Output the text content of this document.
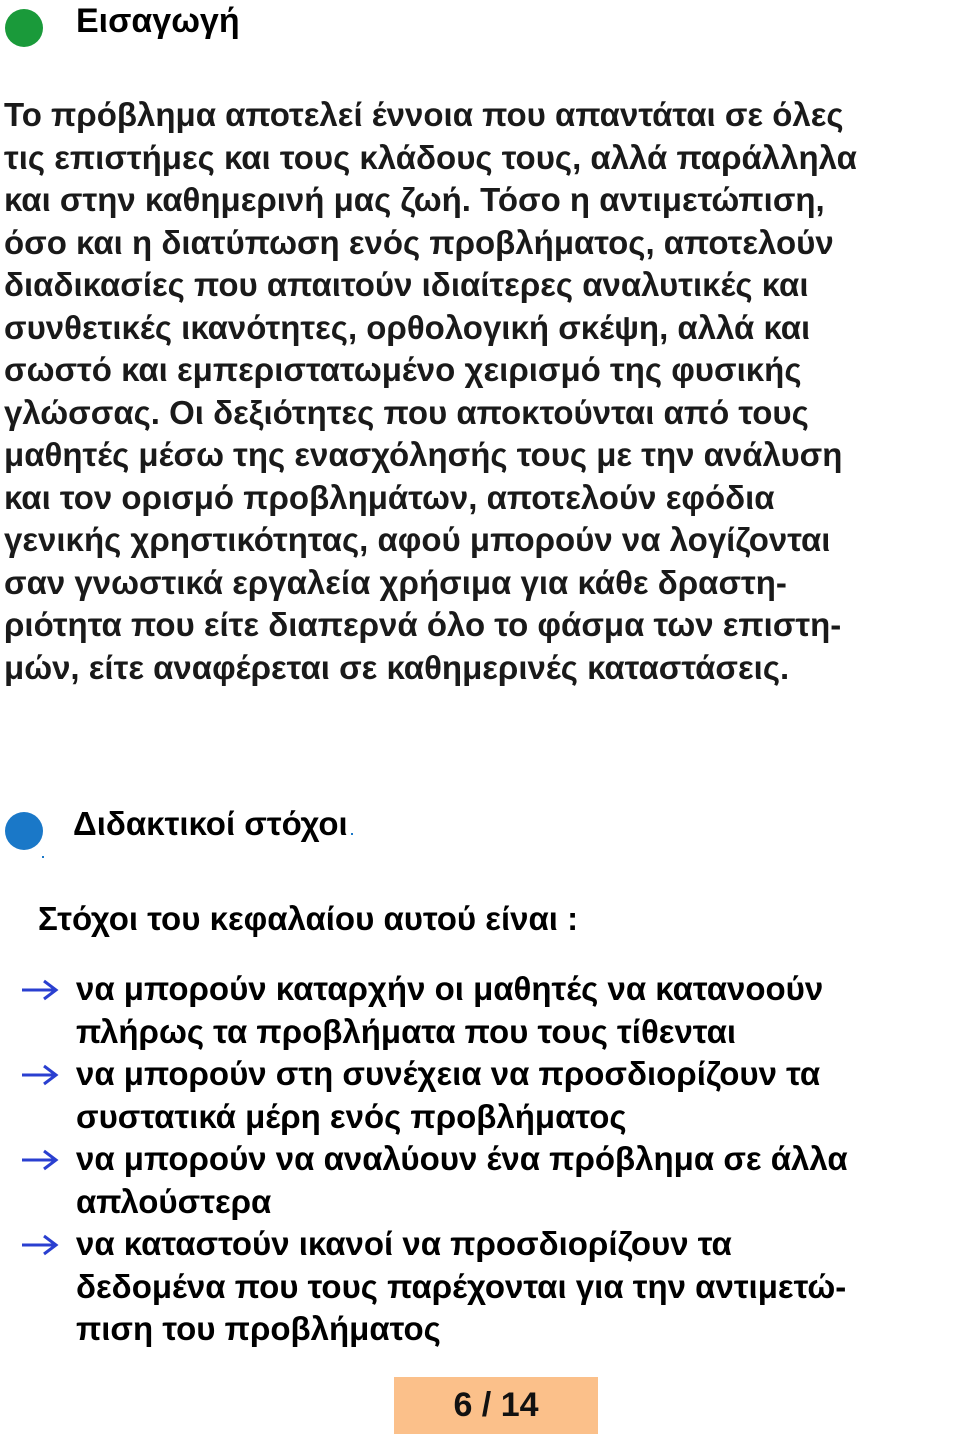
Εισαγωγή

Το πρόβλημα αποτελεί έννοια που απαντάται σε όλες
τις επιστήμες και τους κλάδους τους, αλλά παράλληλα
και στην καθημερινή μας ζωή. Τόσο η αντιμετώπιση,
όσο και η διατύπωση ενός προβλήματος, αποτελούν
διαδικασίες που απαιτούν ιδιαίτερες αναλυτικές και
συνθετικές ικανότητες, ορθολογική σκέψη, αλλά και
σωστό και εμπεριστατωμένο χειρισμό της φυσικής
γλώσσας. Οι δεξιότητες που αποκτούνται από τους
μαθητές μέσω της ενασχόλησής τους με την ανάλυση
και τον ορισμό προβλημάτων, αποτελούν εφόδια
γενικής χρηστικότητας, αφού μπορούν να λογίζονται
σαν γνωστικά εργαλεία χρήσιμα για κάθε δραστη-
ριότητα που είτε διαπερνά όλο το φάσμα των επιστη-
μών, είτε αναφέρεται σε καθημερινές καταστάσεις.

Διδακτικοί στόχοι

Στόχοι του κεφαλαίου αυτού είναι :

να μπορούν καταρχήν οι μαθητές να κατανοούν
πλήρως τα προβλήματα που τους τίθενται
να μπορούν στη συνέχεια να προσδιορίζουν τα
συστατικά μέρη ενός προβλήματος
να μπορούν να αναλύουν ένα πρόβλημα σε άλλα
απλούστερα
να καταστούν ικανοί να προσδιορίζουν τα
δεδομένα που τους παρέχονται για την αντιμετώ-
πιση του προβλήματος
6 / 14
